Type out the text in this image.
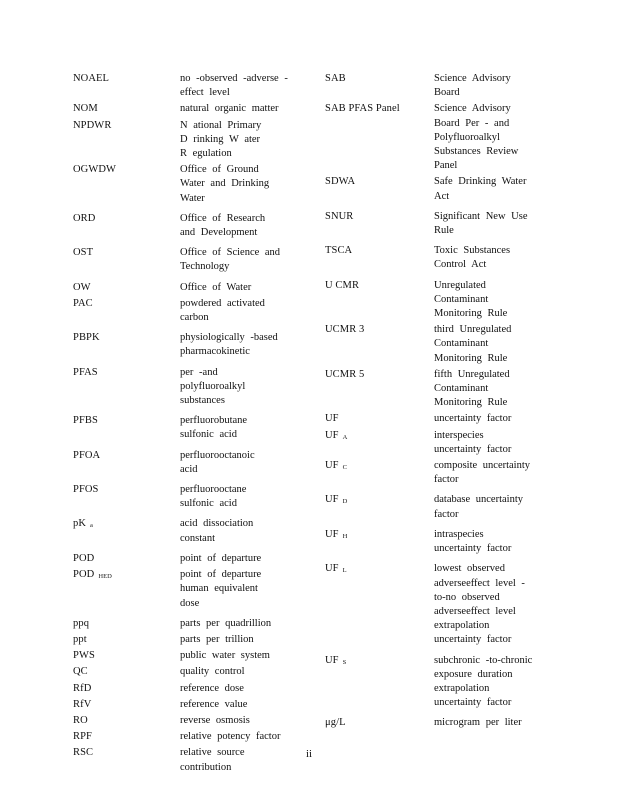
NOAEL	no -observed -adverse -
effect level
NOM	natural organic matter
NPDWR	N ational Primary
D rinking W ater
R egulation
OGWDW	Office of Ground
Water and Drinking
Water
ORD	Office of Research
and Development
OST	Office of Science and
Technology
OW	Office of Water
PAC	powdered activated
carbon
PBPK	physiologically -based
pharmacokinetic
PFAS	per -and
polyfluoroalkyl
substances
PFBS	perfluorobutane
sulfonic acid
PFOA	perfluorooctanoic
acid
PFOS	perfluorooctane
sulfonic acid
pK $_a$	acid dissociation
constant
POD	point of departure
POD $_{HED}$	point of departure
human equivalent
dose
ppq	parts per quadrillion
ppt	parts per trillion
PWS	public water system
QC	quality control
RfD	reference dose
RfV	reference value
RO	reverse osmosis
RPF	relative potency factor
RSC	relative source
contribution
SAB	Science Advisory
Board
SAB PFAS Panel	Science Advisory
Board Per - and
Polyfluoroalkyl
Substances Review
Panel
SDWA	Safe Drinking Water
Act
SNUR	Significant New Use
Rule
TSCA	Toxic Substances
Control Act
U CMR	Unregulated
Contaminant
Monitoring Rule
UCMR 3	third Unregulated
Contaminant
Monitoring Rule
UCMR 5	fifth Unregulated
Contaminant
Monitoring Rule
UF	uncertainty factor
UF $_A$	interspecies
uncertainty factor
UF $_C$	composite uncertainty
factor
UF $_D$	database uncertainty
factor
UF $_H$	intraspecies
uncertainty factor
UF $_L$	lowest observed
adverseeffect level -
to-no observed
adverseeffect level
extrapolation
uncertainty factor
UF $_S$	subchronic -to-chronic
exposure duration
extrapolation
uncertainty factor
μg/L	microgram per liter
ii
